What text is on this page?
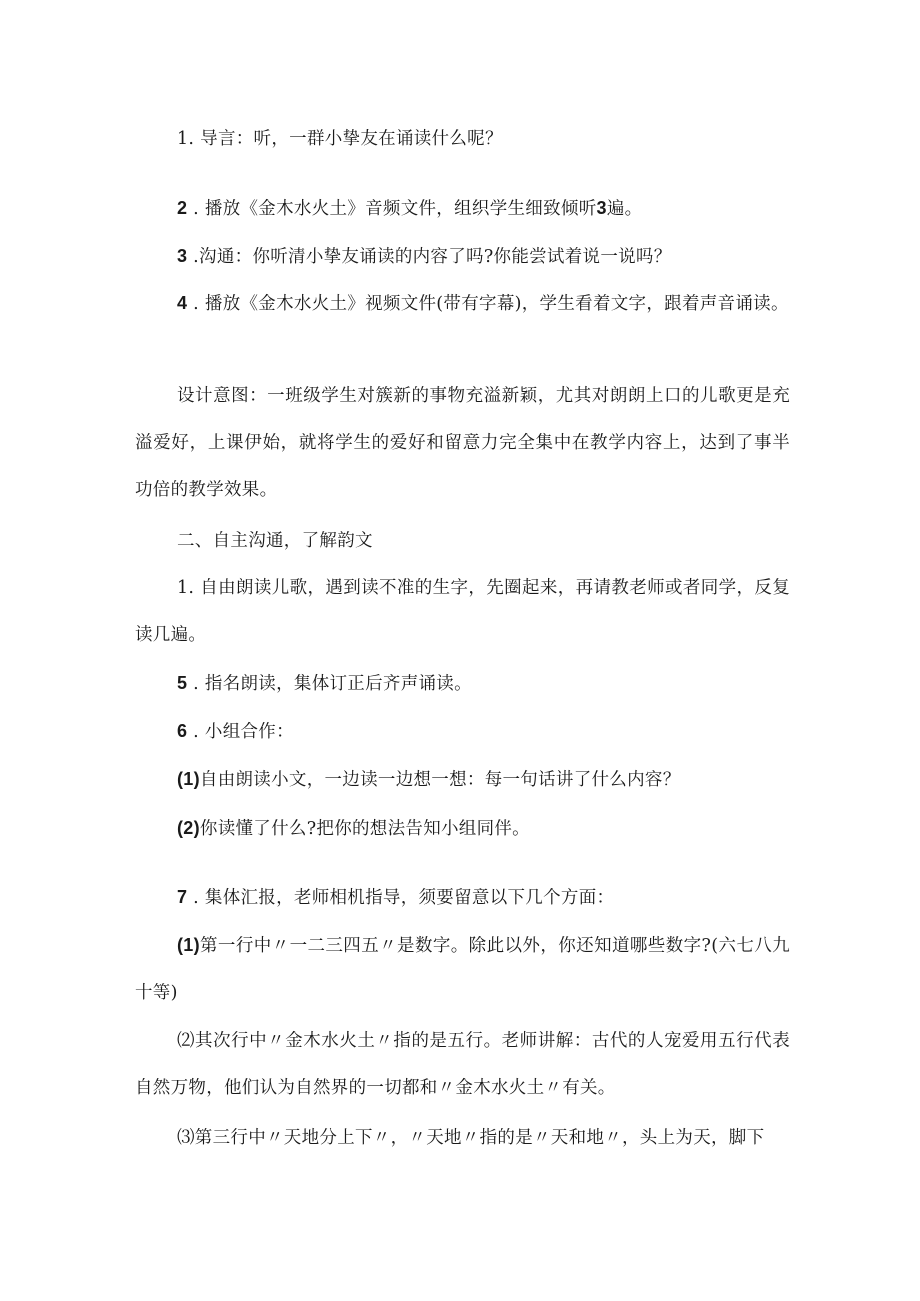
1. 导言：听，一群小挚友在诵读什么呢？

2 . 播放《金木水火土》音频文件，组织学生细致倾听3遍。

3 .沟通：你听清小挚友诵读的内容了吗?你能尝试着说一说吗？

4 . 播放《金木水火土》视频文件(带有字幕)，学生看着文字，跟着声音诵读。

设计意图：一班级学生对簇新的事物充溢新颖，尤其对朗朗上口的儿歌更是充溢爱好，上课伊始，就将学生的爱好和留意力完全集中在教学内容上，达到了事半功倍的教学效果。

二、自主沟通，了解韵文

1. 自由朗读儿歌，遇到读不准的生字，先圈起来，再请教老师或者同学，反复读几遍。

5 . 指名朗读，集体订正后齐声诵读。

6 . 小组合作：

(1)自由朗读小文，一边读一边想一想：每一句话讲了什么内容？

(2)你读懂了什么?把你的想法告知小组同伴。

7 . 集体汇报，老师相机指导，须要留意以下几个方面：

(1)第一行中〃一二三四五〃是数字。除此以外，你还知道哪些数字?(六七八九十等)

⑵其次行中〃金木水火土〃指的是五行。老师讲解：古代的人宠爱用五行代表自然万物，他们认为自然界的一切都和〃金木水火土〃有关。

⑶第三行中〃天地分上下〃，〃天地〃指的是〃天和地〃，头上为天，脚下
